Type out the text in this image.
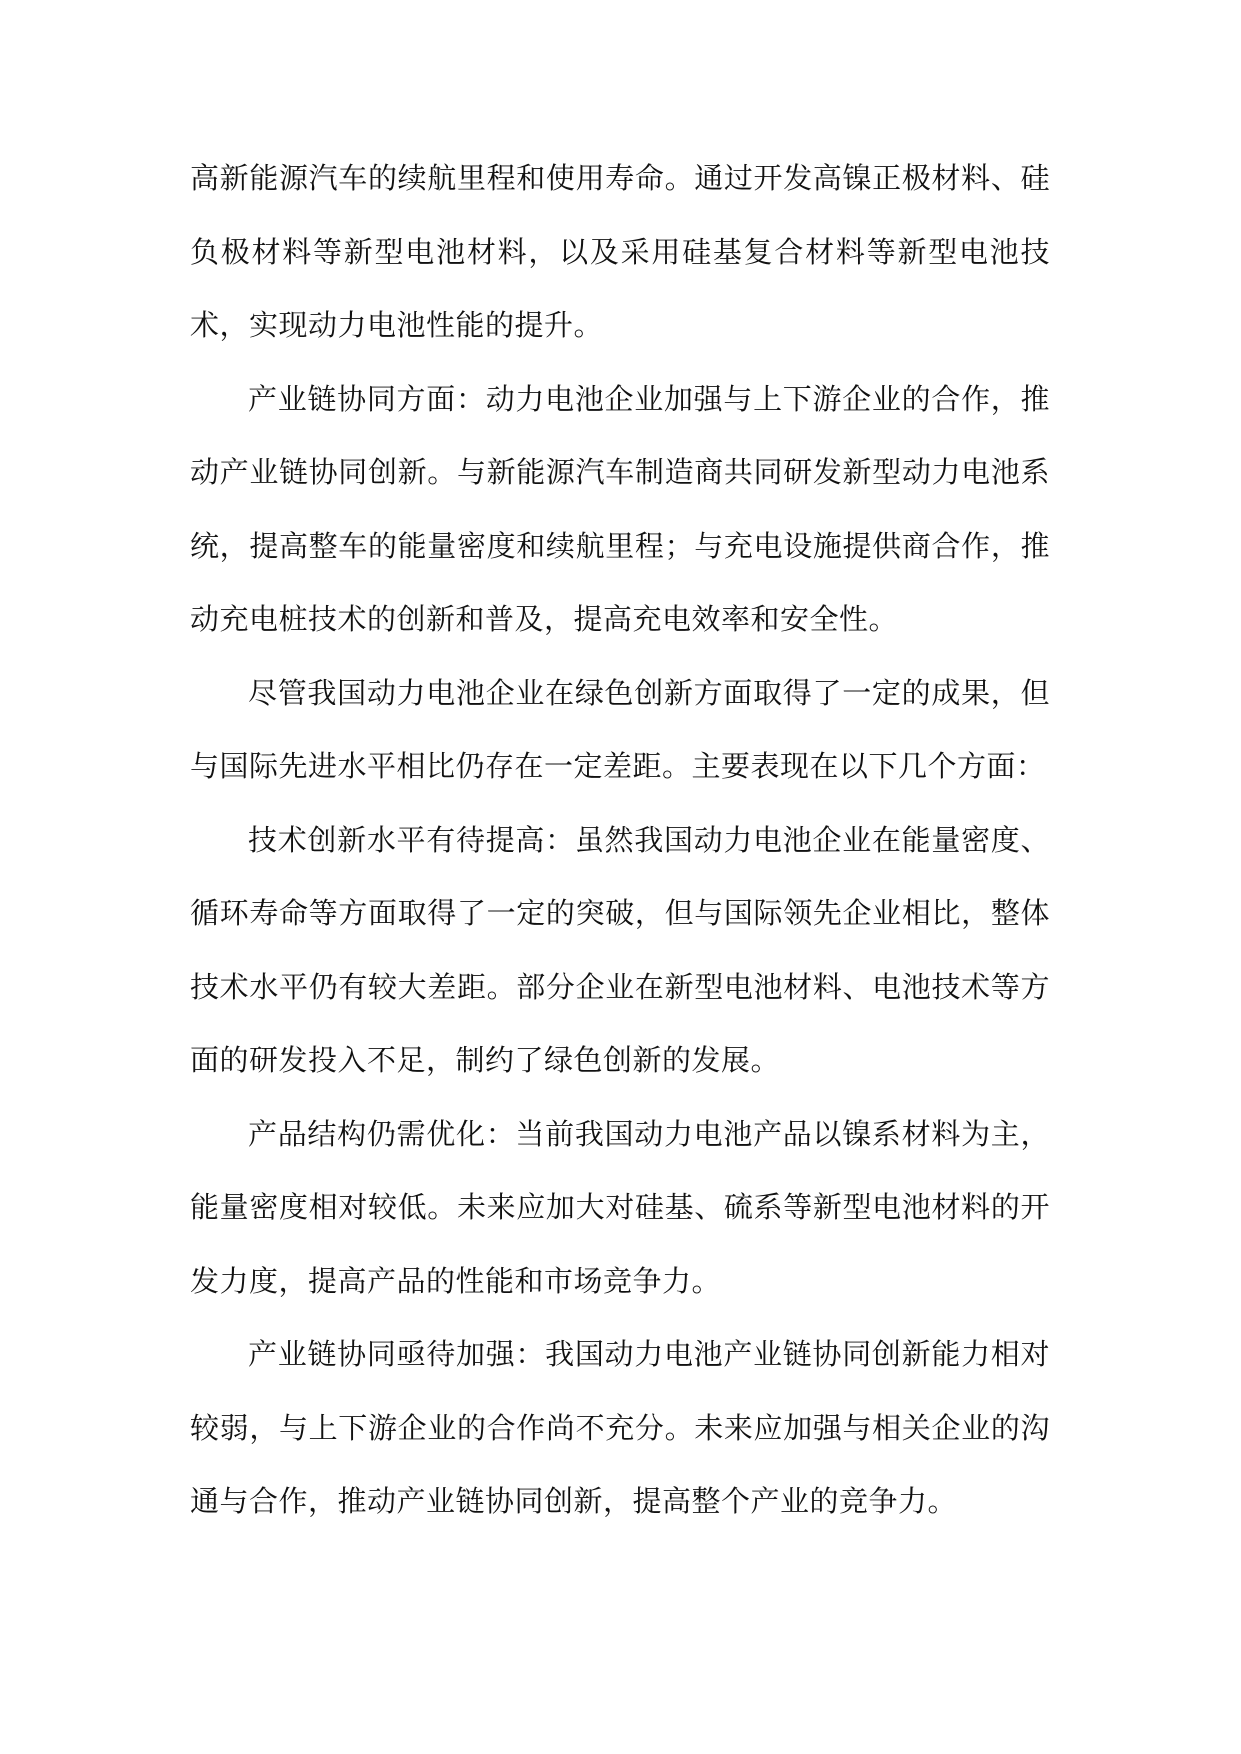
高新能源汽车的续航里程和使用寿命。通过开发高镍正极材料、硅负极材料等新型电池材料，以及采用硅基复合材料等新型电池技术，实现动力电池性能的提升。

产业链协同方面：动力电池企业加强与上下游企业的合作，推动产业链协同创新。与新能源汽车制造商共同研发新型动力电池系统，提高整车的能量密度和续航里程；与充电设施提供商合作，推动充电桩技术的创新和普及，提高充电效率和安全性。

尽管我国动力电池企业在绿色创新方面取得了一定的成果，但与国际先进水平相比仍存在一定差距。主要表现在以下几个方面：

技术创新水平有待提高：虽然我国动力电池企业在能量密度、循环寿命等方面取得了一定的突破，但与国际领先企业相比，整体技术水平仍有较大差距。部分企业在新型电池材料、电池技术等方面的研发投入不足，制约了绿色创新的发展。

产品结构仍需优化：当前我国动力电池产品以镍系材料为主，能量密度相对较低。未来应加大对硅基、硫系等新型电池材料的开发力度，提高产品的性能和市场竞争力。

产业链协同亟待加强：我国动力电池产业链协同创新能力相对较弱，与上下游企业的合作尚不充分。未来应加强与相关企业的沟通与合作，推动产业链协同创新，提高整个产业的竞争力。
